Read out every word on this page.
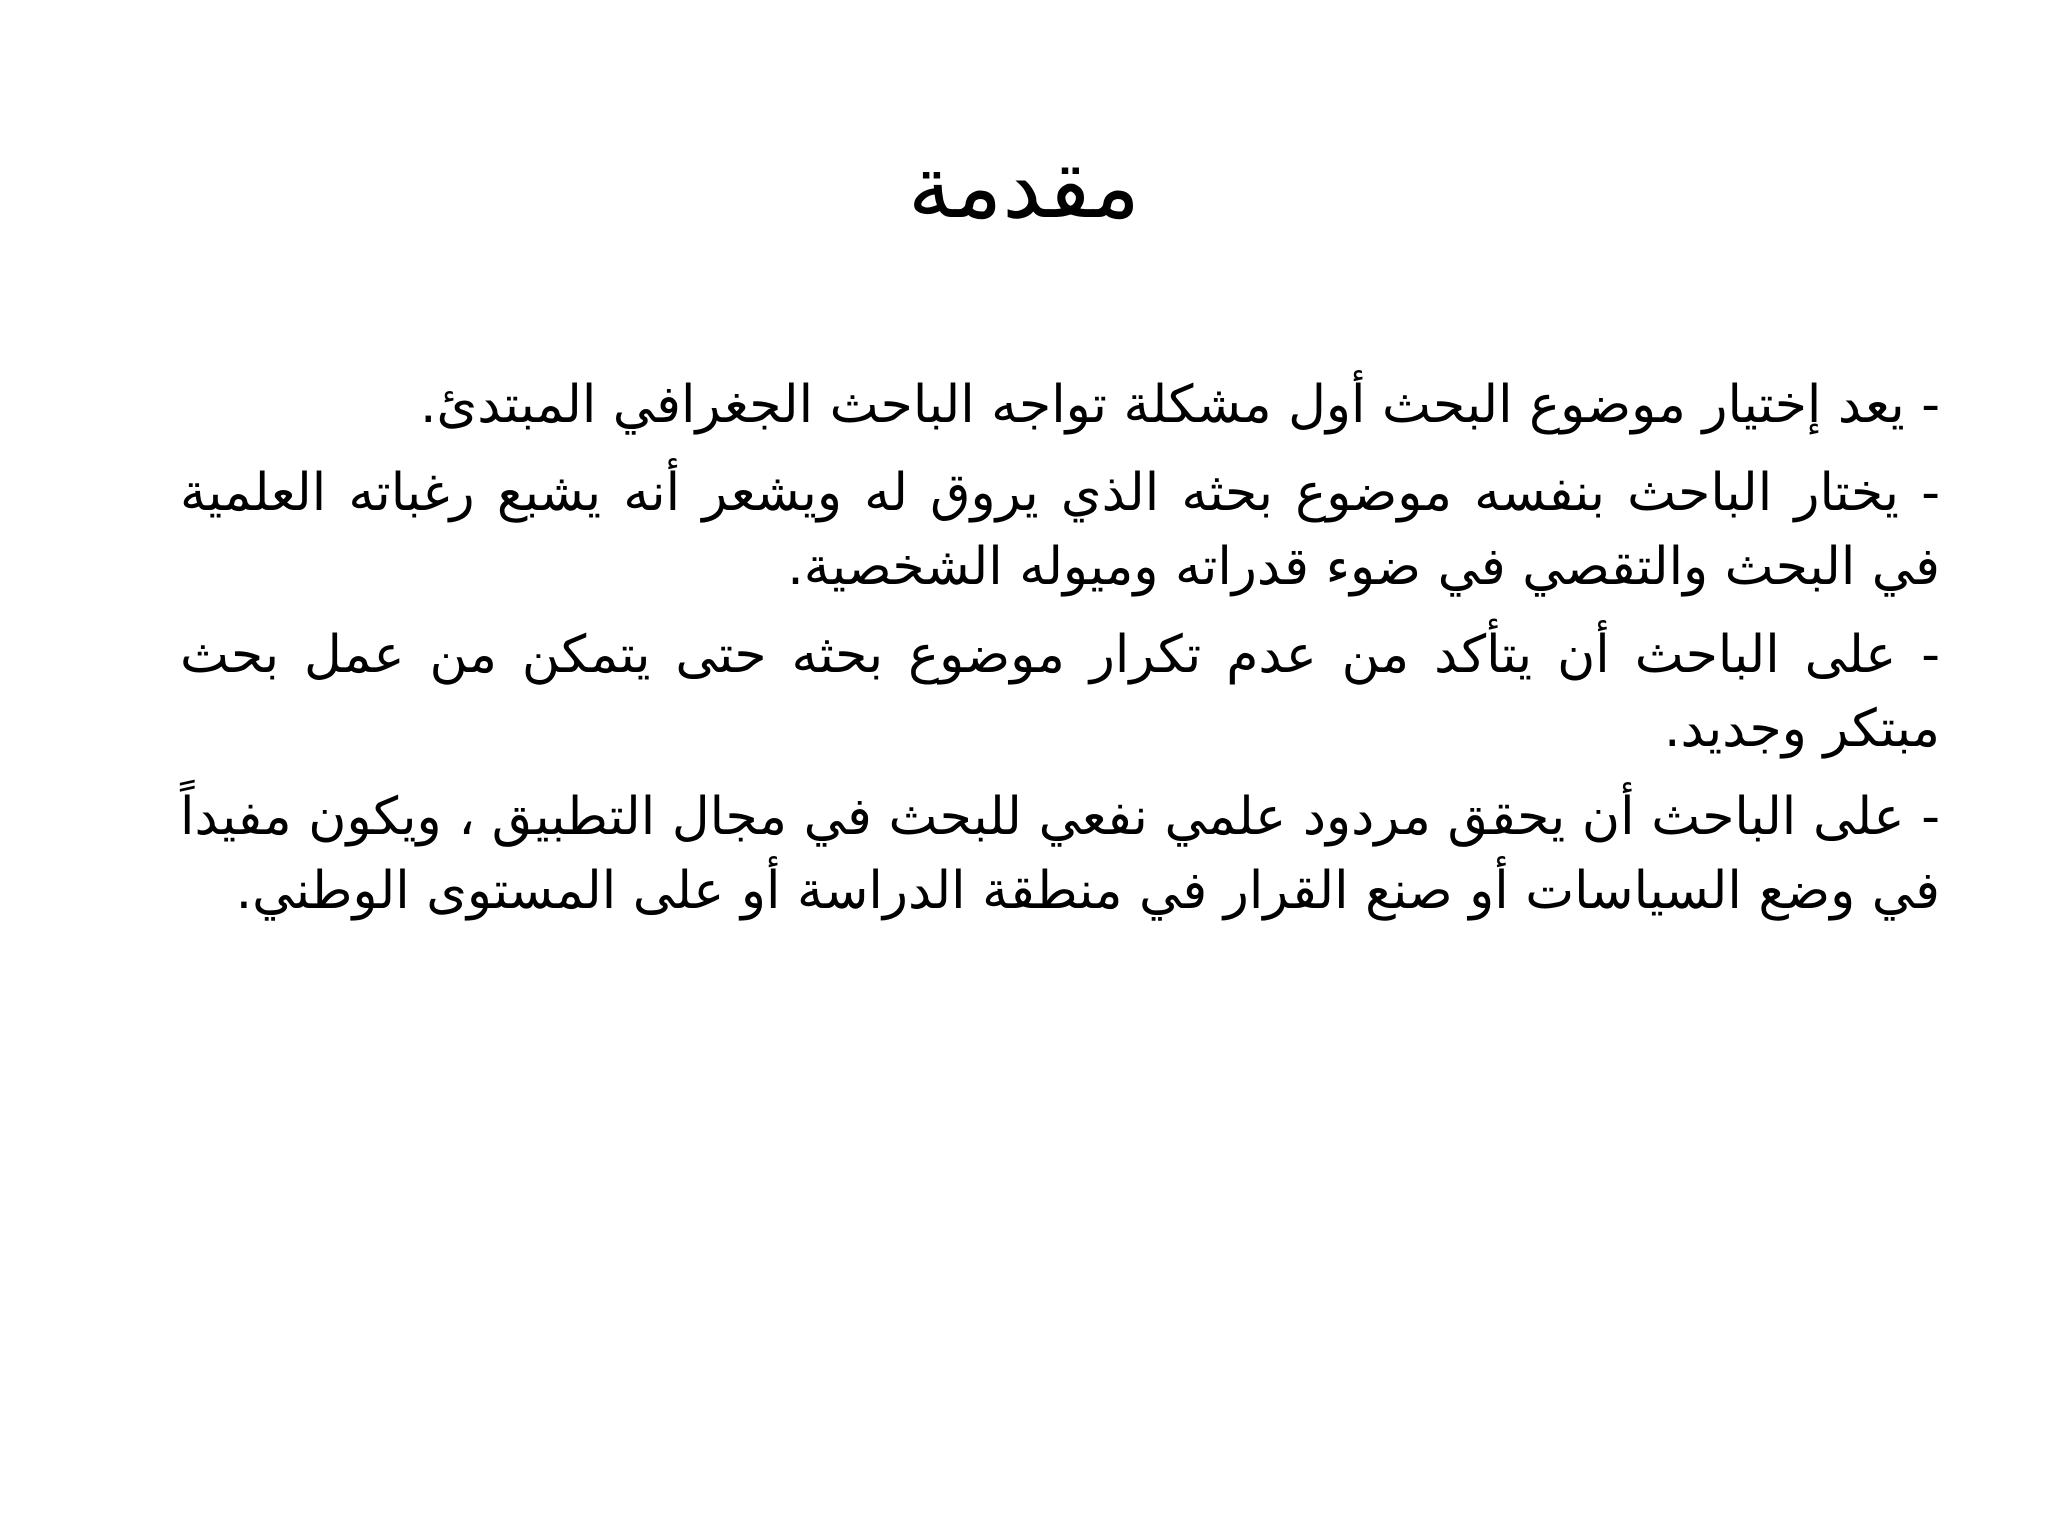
مقدمة
- يعد إختيار موضوع البحث أول مشكلة تواجه الباحث الجغرافي المبتدئ.
- يختار الباحث بنفسه موضوع بحثه الذي يروق له ويشعر أنه يشبع رغباته العلمية في البحث والتقصي في ضوء قدراته وميوله الشخصية.
- على الباحث أن يتأكد من عدم تكرار موضوع بحثه حتى يتمكن من عمل بحث مبتكر وجديد.
- على الباحث أن يحقق مردود علمي نفعي للبحث في مجال التطبيق ، ويكون مفيداً في وضع السياسات أو صنع القرار في منطقة الدراسة أو على المستوى الوطني.
